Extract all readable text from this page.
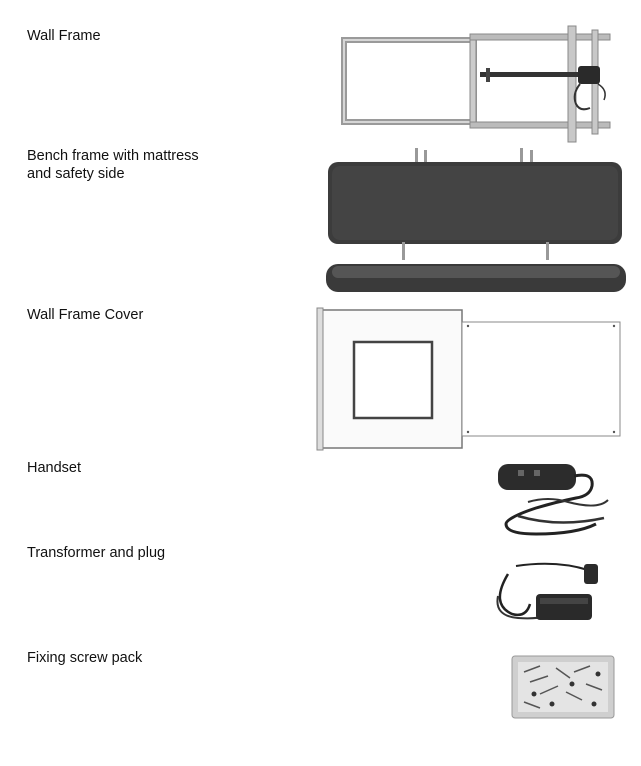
Wall Frame
Bench frame with mattress
and safety side
Wall Frame Cover
Handset
Transformer and plug
Fixing screw pack
